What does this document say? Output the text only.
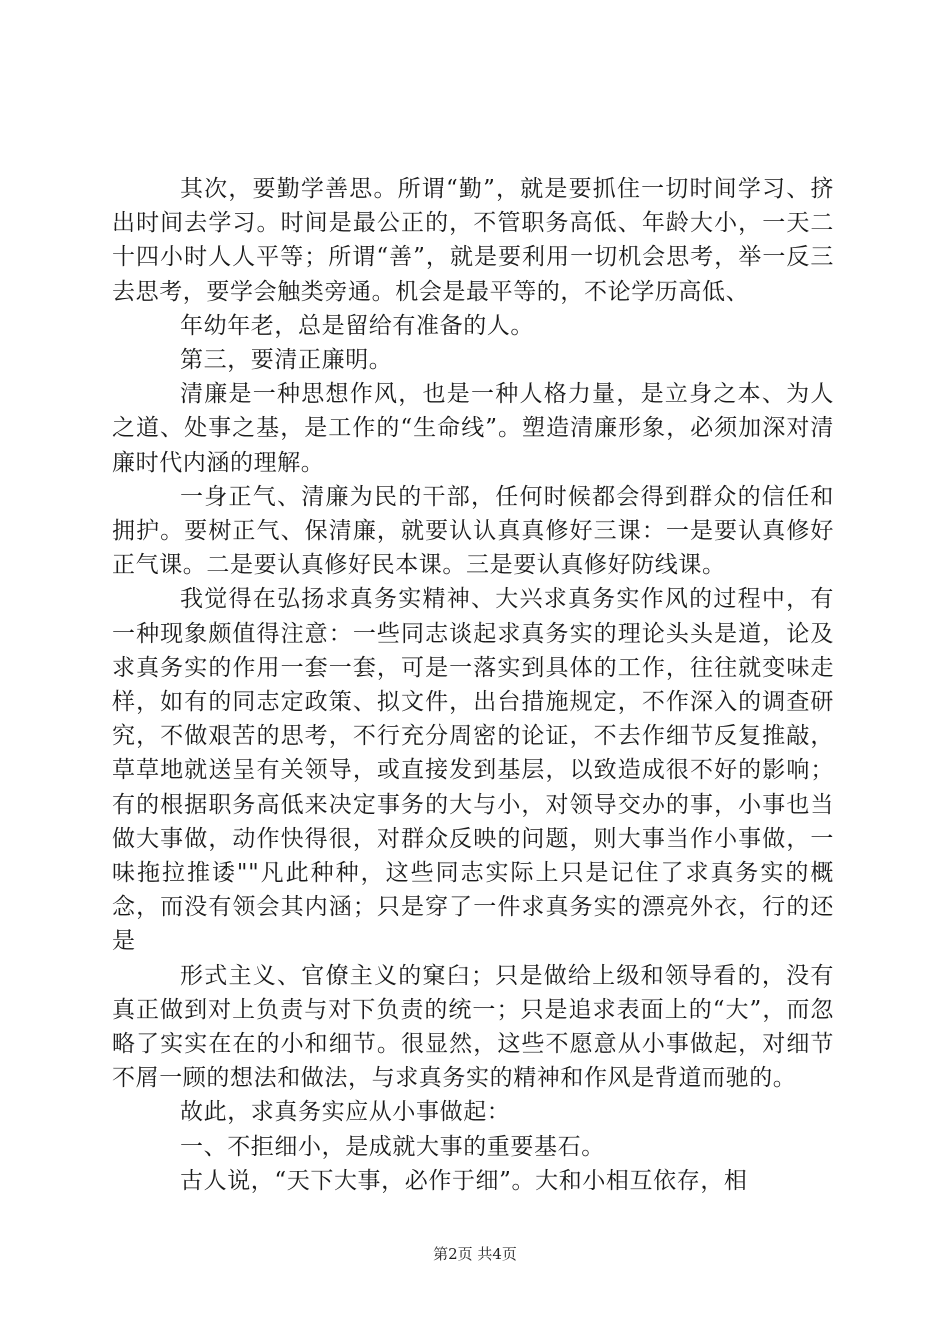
其次，要勤学善思。所谓“勤”，就是要抓住一切时间学习、挤出时间去学习。时间是最公正的，不管职务高低、年龄大小，一天二十四小时人人平等；所谓“善”，就是要利用一切机会思考，举一反三去思考，要学会触类旁通。机会是最平等的，不论学历高低、

年幼年老，总是留给有准备的人。

第三，要清正廉明。

清廉是一种思想作风，也是一种人格力量，是立身之本、为人之道、处事之基，是工作的“生命线”。塑造清廉形象，必须加深对清廉时代内涵的理解。

一身正气、清廉为民的干部，任何时候都会得到群众的信任和拥护。要树正气、保清廉，就要认认真真修好三课：一是要认真修好正气课。二是要认真修好民本课。三是要认真修好防线课。

我觉得在弘扬求真务实精神、大兴求真务实作风的过程中，有一种现象颇值得注意：一些同志谈起求真务实的理论头头是道，论及求真务实的作用一套一套，可是一落实到具体的工作，往往就变味走样，如有的同志定政策、拟文件，出台措施规定，不作深入的调查研究，不做艰苦的思考，不行充分周密的论证，不去作细节反复推敲，草草地就送呈有关领导，或直接发到基层，以致造成很不好的影响；有的根据职务高低来决定事务的大与小，对领导交办的事，小事也当做大事做，动作快得很，对群众反映的问题，则大事当作小事做，一味拖拉推诿""凡此种种，这些同志实际上只是记住了求真务实的概念，而没有领会其内涵；只是穿了一件求真务实的漂亮外衣，行的还是

形式主义、官僚主义的窠臼；只是做给上级和领导看的，没有真正做到对上负责与对下负责的统一；只是追求表面上的“大”，而忽略了实实在在的小和细节。很显然，这些不愿意从小事做起，对细节不屑一顾的想法和做法，与求真务实的精神和作风是背道而驰的。

故此，求真务实应从小事做起：

一、不拒细小，是成就大事的重要基石。

古人说，“天下大事，必作于细”。大和小相互依存，相

第2页 共4页
